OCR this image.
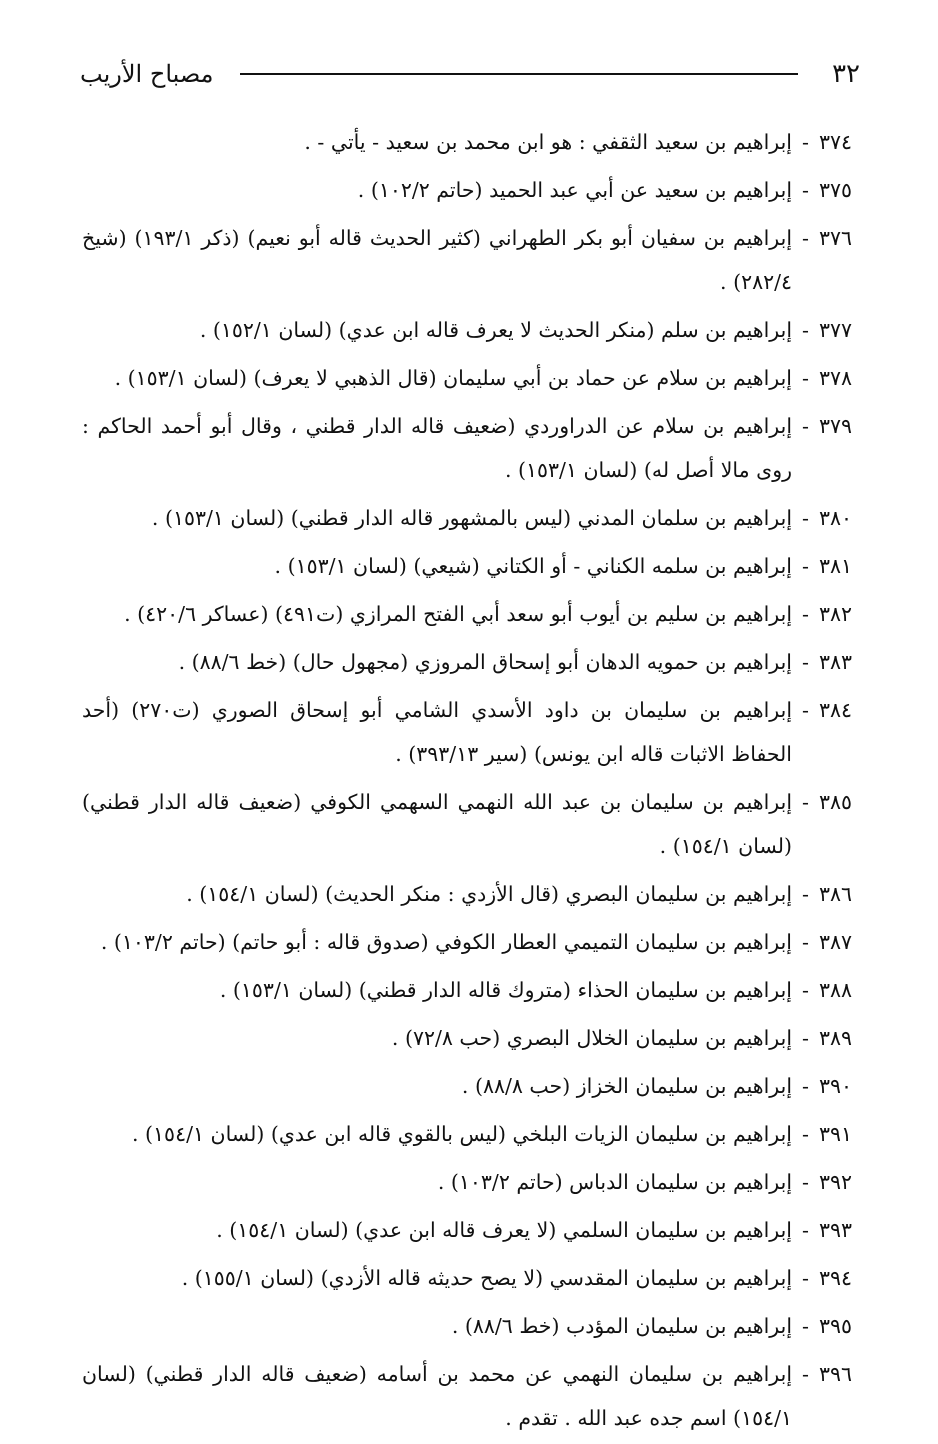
٣٢
مصباح الأريب
٣٧٤
-
إبراهيم بن سعيد الثقفي : هو ابن محمد بن سعيد - يأتي - .
٣٧٥
-
إبراهيم بن سعيد عن أبي عبد الحميد (حاتم ١٠٢/٢) .
٣٧٦
-
إبراهيم بن سفيان أبو بكر الطهراني (كثير الحديث قاله أبو نعيم) (ذكر ١٩٣/١) (شيخ ٢٨٢/٤) .
٣٧٧
-
إبراهيم بن سلم (منكر الحديث لا يعرف قاله ابن عدي) (لسان ١٥٢/١) .
٣٧٨
-
إبراهيم بن سلام عن حماد بن أبي سليمان (قال الذهبي لا يعرف) (لسان ١٥٣/١) .
٣٧٩
-
إبراهيم بن سلام عن الدراوردي (ضعيف قاله الدار قطني ، وقال أبو أحمد الحاكم : روى مالا أصل له) (لسان ١٥٣/١) .
٣٨٠
-
إبراهيم بن سلمان المدني (ليس بالمشهور قاله الدار قطني) (لسان ١٥٣/١) .
٣٨١
-
إبراهيم بن سلمه الكناني - أو الكتاني (شيعي) (لسان ١٥٣/١) .
٣٨٢
-
إبراهيم بن سليم بن أيوب أبو سعد أبي الفتح المرازي (ت٤٩١) (عساكر ٤٢٠/٦) .
٣٨٣
-
إبراهيم بن حمويه الدهان أبو إسحاق المروزي (مجهول حال) (خط ٨٨/٦) .
٣٨٤
-
إبراهيم بن سليمان بن داود الأسدي الشامي أبو إسحاق الصوري (ت٢٧٠) (أحد الحفاظ الاثبات قاله ابن يونس) (سير ٣٩٣/١٣) .
٣٨٥
-
إبراهيم بن سليمان بن عبد الله النهمي السهمي الكوفي (ضعيف قاله الدار قطني) (لسان ١٥٤/١) .
٣٨٦
-
إبراهيم بن سليمان البصري (قال الأزدي : منكر الحديث) (لسان ١٥٤/١) .
٣٨٧
-
إبراهيم بن سليمان التميمي العطار الكوفي (صدوق قاله : أبو حاتم) (حاتم ١٠٣/٢) .
٣٨٨
-
إبراهيم بن سليمان الحذاء (متروك قاله الدار قطني) (لسان ١٥٣/١) .
٣٨٩
-
إبراهيم بن سليمان الخلال البصري (حب ٧٢/٨) .
٣٩٠
-
إبراهيم بن سليمان الخزاز (حب ٨٨/٨) .
٣٩١
-
إبراهيم بن سليمان الزيات البلخي (ليس بالقوي قاله ابن عدي) (لسان ١٥٤/١) .
٣٩٢
-
إبراهيم بن سليمان الدباس (حاتم ١٠٣/٢) .
٣٩٣
-
إبراهيم بن سليمان السلمي (لا يعرف قاله ابن عدي) (لسان ١٥٤/١) .
٣٩٤
-
إبراهيم بن سليمان المقدسي (لا يصح حديثه قاله الأزدي) (لسان ١٥٥/١) .
٣٩٥
-
إبراهيم بن سليمان المؤدب (خط ٨٨/٦) .
٣٩٦
-
إبراهيم بن سليمان النهمي عن محمد بن أسامه (ضعيف قاله الدار قطني) (لسان ١٥٤/١) اسم جده عبد الله . تقدم .
